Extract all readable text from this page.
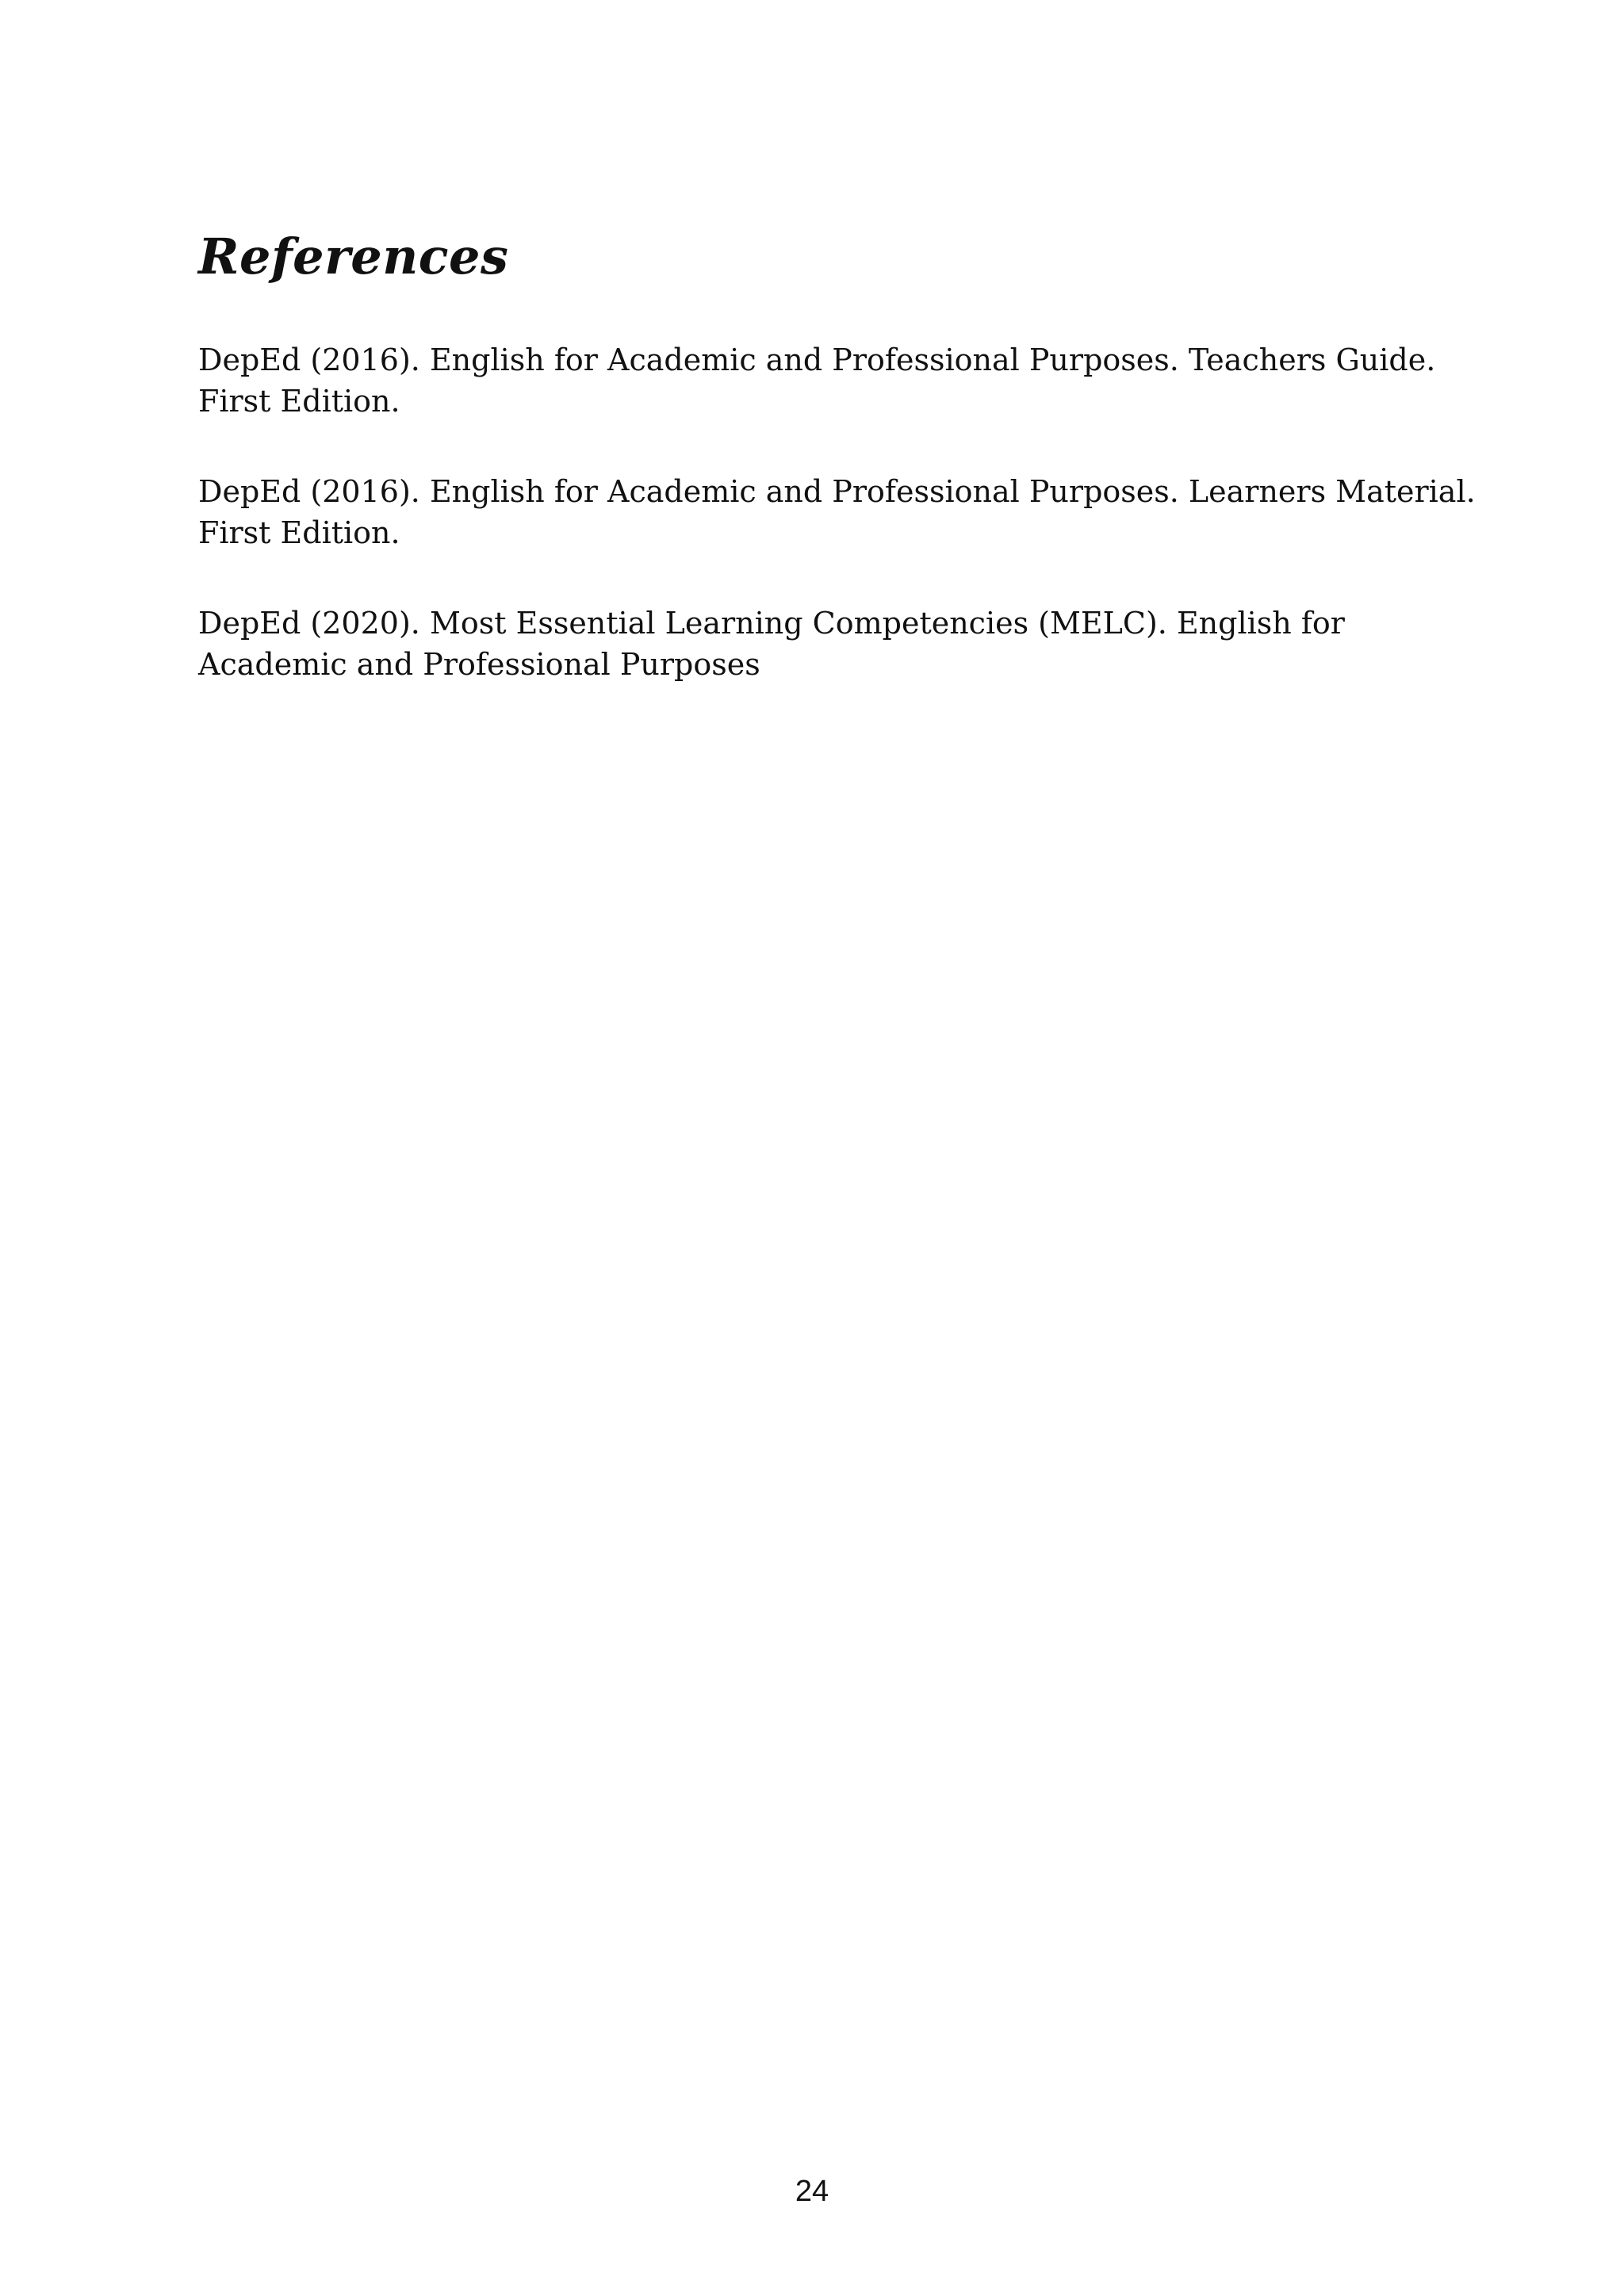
References
DepEd (2016). English for Academic and Professional Purposes. Teachers Guide.
First Edition.
DepEd (2016). English for Academic and Professional Purposes. Learners Material.
First Edition.
DepEd (2020). Most Essential Learning Competencies (MELC). English for
Academic and Professional Purposes
24
